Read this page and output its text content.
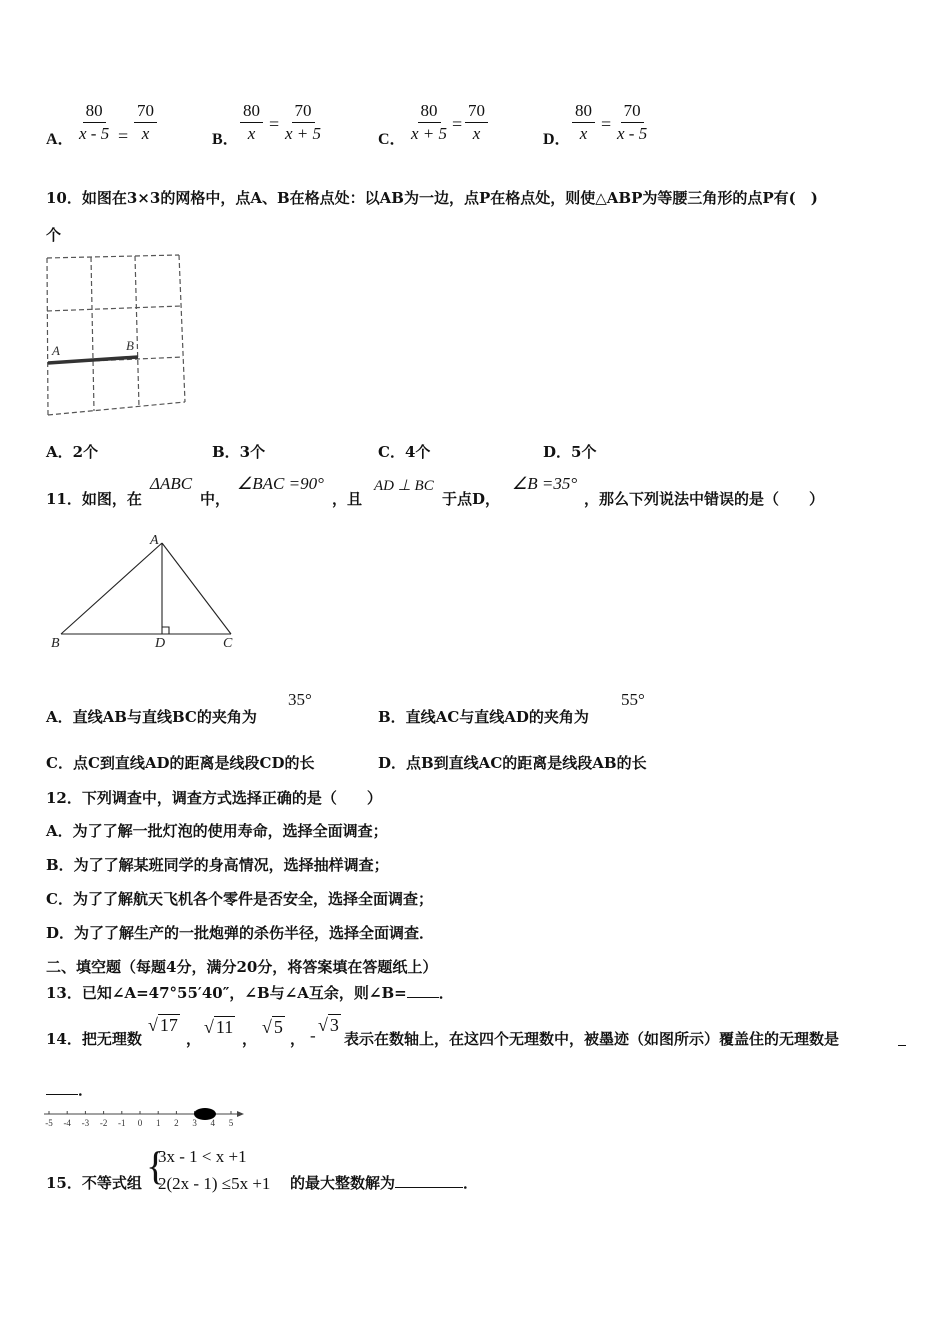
A． $\frac{80}{x - 5} = \frac{70}{x}$	B． $\frac{80}{x} = \frac{70}{x + 5}$	C． $\frac{80}{x + 5} = \frac{70}{x}$	D． $\frac{80}{x} = \frac{70}{x - 5}$
10．如图在3×3的网格中，点A、B在格点处：以AB为一边，点P在格点处，则使△ABP为等腰三角形的点P有(　)
个
A	B
A．2个	B．3个	C．4个	D．5个
11．如图，在
ΔABC
中，
∠BAC =90°
，且
AD ⊥ BC
于点D，
∠B =35°
，那么下列说法中错误的是（　　）
A
B	D	C
A．直线AB与直线BC的夹角为
35°
B．直线AC与直线AD的夹角为
55°
C．点C到直线AD的距离是线段CD的长	D．点B到直线AC的距离是线段AB的长
12．下列调查中，调查方式选择正确的是（　　）
A．为了了解一批灯泡的使用寿命，选择全面调查；
B．为了了解某班同学的身高情况，选择抽样调查；
C．为了了解航天飞机各个零件是否安全，选择全面调查；
D．为了了解生产的一批炮弹的杀伤半径，选择全面调查．
二、填空题（每题4分，满分20分，将答案填在答题纸上）
13．已知∠A=47°55′40″，∠B与∠A互余，则∠B= ．
14．把无理数
√ 17
，
√ 11
，
√ 5
， -
√ 3
表示在数轴上，在这四个无理数中，被墨迹（如图所示）覆盖住的无理数是
．
-5 -4 -3 -2 -1 0 1 2 3 4 5
15．不等式组 {
3x - 1 < x +1
2(2x - 1) ≤5x +1 的最大整数解为	．
